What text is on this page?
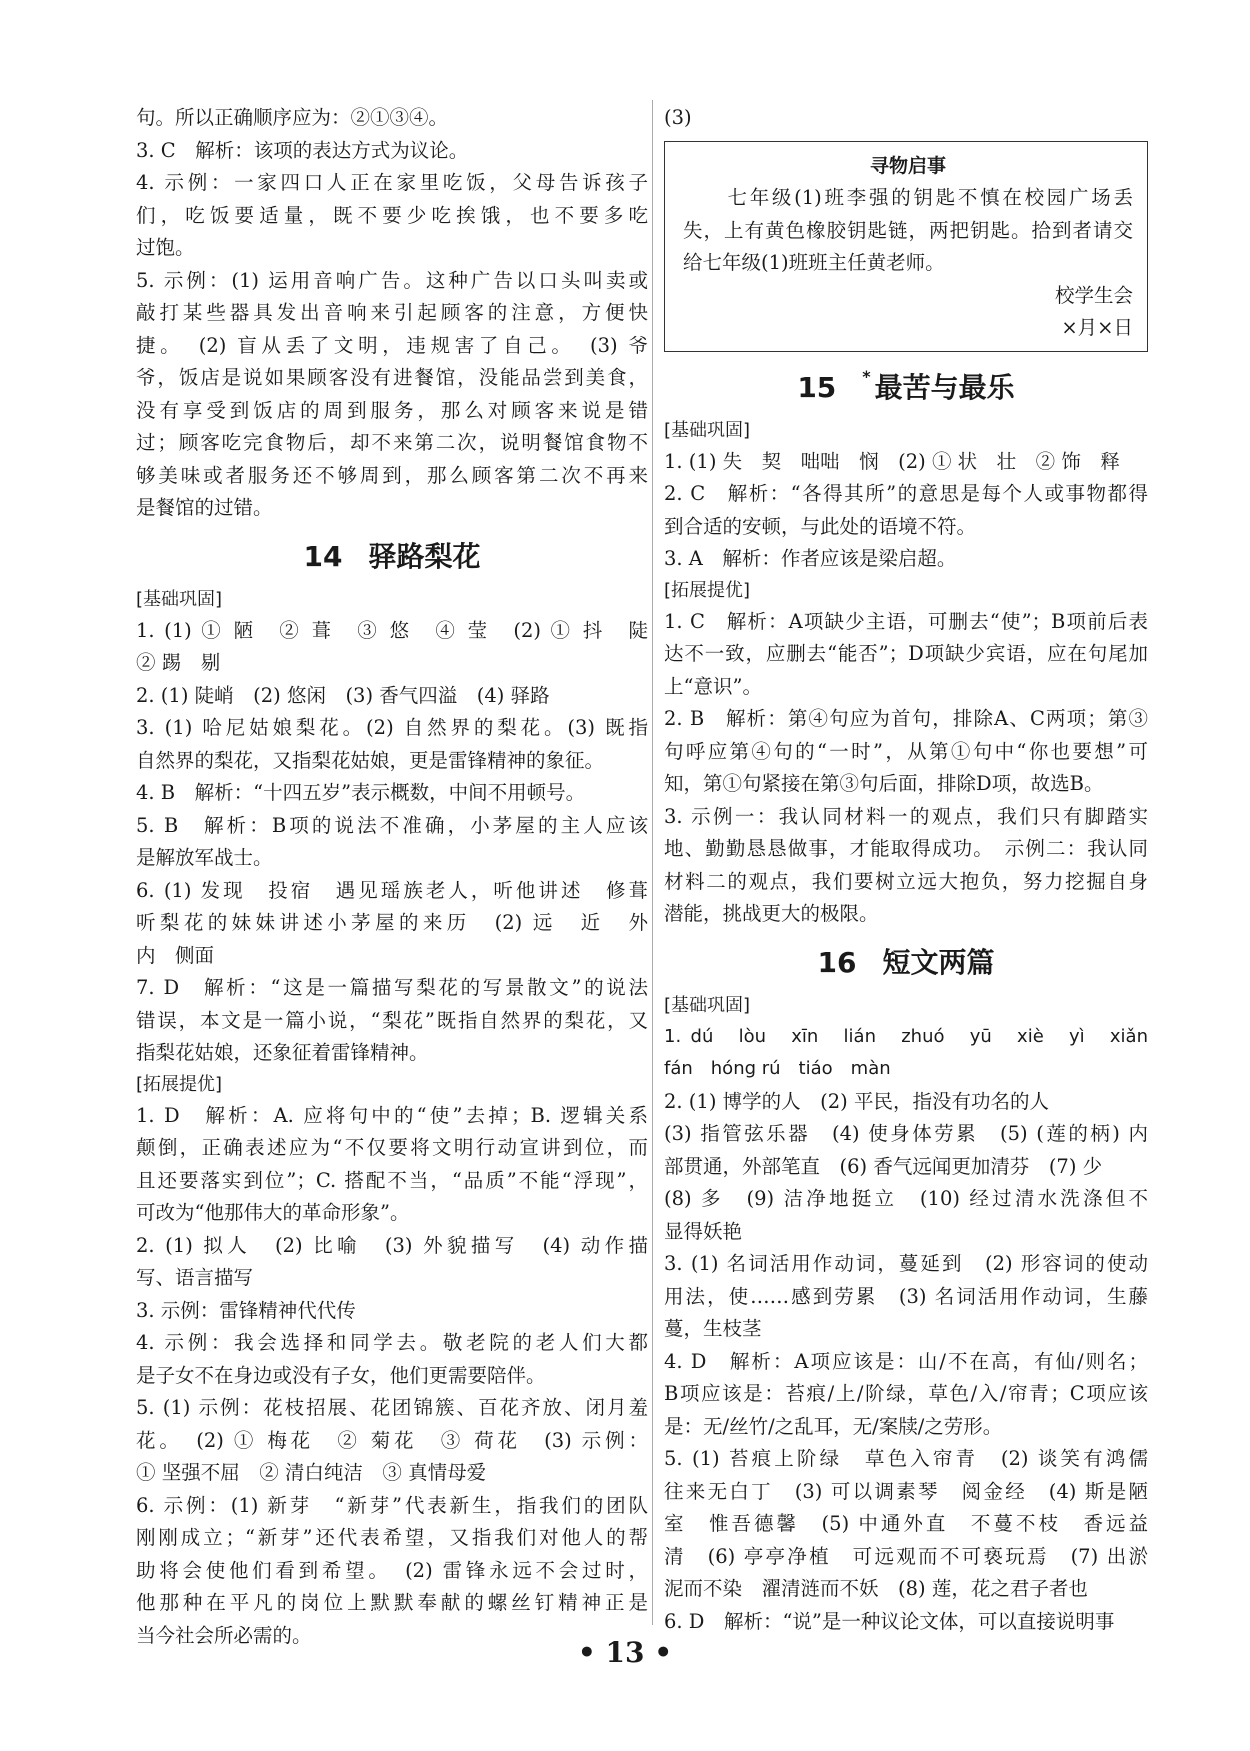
句。所以正确顺序应为：②①③④。
3. C　解析：该项的表达方式为议论。
4. 示例：一家四口人正在家里吃饭，父母告诉孩子
们，吃饭要适量，既不要少吃挨饿，也不要多吃
过饱。
5. 示例：(1) 运用音响广告。这种广告以口头叫卖或
敲打某些器具发出音响来引起顾客的注意，方便快
捷。　(2) 盲从丢了文明，违规害了自己。　(3) 爷
爷，饭店是说如果顾客没有进餐馆，没能品尝到美食，
没有享受到饭店的周到服务，那么对顾客来说是错
过；顾客吃完食物后，却不来第二次，说明餐馆食物不
够美味或者服务还不够周到，那么顾客第二次不再来
是餐馆的过错。
14 驿路梨花
[基础巩固]
1. (1) ① 陋　② 葺　③ 悠　④ 莹　(2) ① 抖　陡
② 踢　剔
2. (1) 陡峭　(2) 悠闲　(3) 香气四溢　(4) 驿路
3. (1) 哈尼姑娘梨花。(2) 自然界的梨花。(3) 既指
自然界的梨花，又指梨花姑娘，更是雷锋精神的象征。
4. B　解析：“十四五岁”表示概数，中间不用顿号。
5. B　解析：B项的说法不准确，小茅屋的主人应该
是解放军战士。
6. (1) 发现　投宿　遇见瑶族老人，听他讲述　修葺
听梨花的妹妹讲述小茅屋的来历　(2) 远　近　外
内　侧面
7. D　解析：“这是一篇描写梨花的写景散文”的说法
错误，本文是一篇小说，“梨花”既指自然界的梨花，又
指梨花姑娘，还象征着雷锋精神。
[拓展提优]
1. D　解析：A. 应将句中的“使”去掉；B. 逻辑关系
颠倒，正确表述应为“不仅要将文明行动宣讲到位，而
且还要落实到位”；C. 搭配不当，“品质”不能“浮现”，
可改为“他那伟大的革命形象”。
2. (1) 拟人　(2) 比喻　(3) 外貌描写　(4) 动作描
写、语言描写
3. 示例：雷锋精神代代传
4. 示例：我会选择和同学去。敬老院的老人们大都
是子女不在身边或没有子女，他们更需要陪伴。
5. (1) 示例：花枝招展、花团锦簇、百花齐放、闭月羞
花。　(2) ① 梅花　② 菊花　③ 荷花　(3) 示例：
① 坚强不屈　② 清白纯洁　③ 真情母爱
6. 示例：(1) 新芽　“新芽”代表新生，指我们的团队
刚刚成立；“新芽”还代表希望，又指我们对他人的帮
助将会使他们看到希望。　(2) 雷锋永远不会过时，
他那种在平凡的岗位上默默奉献的螺丝钉精神正是
当今社会所必需的。
(3)
寻物启事
　　七年级(1)班李强的钥匙不慎在校园广场丢
失，上有黄色橡胶钥匙链，两把钥匙。拾到者请交
给七年级(1)班班主任黄老师。
校学生会
×月×日
15 * 最苦与最乐
[基础巩固]
1. (1) 失　契　咄咄　悯　(2) ① 状　壮　② 饰　释
2. C　解析：“各得其所”的意思是每个人或事物都得
到合适的安顿，与此处的语境不符。
3. A　解析：作者应该是梁启超。
[拓展提优]
1. C　解析：A项缺少主语，可删去“使”；B项前后表
达不一致，应删去“能否”；D项缺少宾语，应在句尾加
上“意识”。
2. B　解析：第④句应为首句，排除A、C两项；第③
句呼应第④句的“一时”，从第①句中“你也要想”可
知，第①句紧接在第③句后面，排除D项，故选B。
3. 示例一：我认同材料一的观点，我们只有脚踏实
地、勤勤恳恳做事，才能取得成功。　示例二：我认同
材料二的观点，我们要树立远大抱负，努力挖掘自身
潜能，挑战更大的极限。
16 短文两篇
[基础巩固]
1. dú　lòu　xīn　lián　zhuó　yū　xiè　yì　xiǎn
fán　hóng rú　tiáo　màn
2. (1) 博学的人　(2) 平民，指没有功名的人
(3) 指管弦乐器　(4) 使身体劳累　(5) (莲的柄) 内
部贯通，外部笔直　(6) 香气远闻更加清芬　(7) 少
(8) 多　(9) 洁净地挺立　(10) 经过清水洗涤但不
显得妖艳
3. (1) 名词活用作动词，蔓延到　(2) 形容词的使动
用法，使……感到劳累　(3) 名词活用作动词，生藤
蔓，生枝茎
4. D　解析：A项应该是：山/不在高，有仙/则名；
B项应该是：苔痕/上/阶绿，草色/入/帘青；C项应该
是：无/丝竹/之乱耳，无/案牍/之劳形。
5. (1) 苔痕上阶绿　草色入帘青　(2) 谈笑有鸿儒
往来无白丁　(3) 可以调素琴　阅金经　(4) 斯是陋
室　惟吾德馨　(5) 中通外直　不蔓不枝　香远益
清　(6) 亭亭净植　可远观而不可亵玩焉　(7) 出淤
泥而不染　濯清涟而不妖　(8) 莲，花之君子者也
6. D　解析：“说”是一种议论文体，可以直接说明事
• 13 •
